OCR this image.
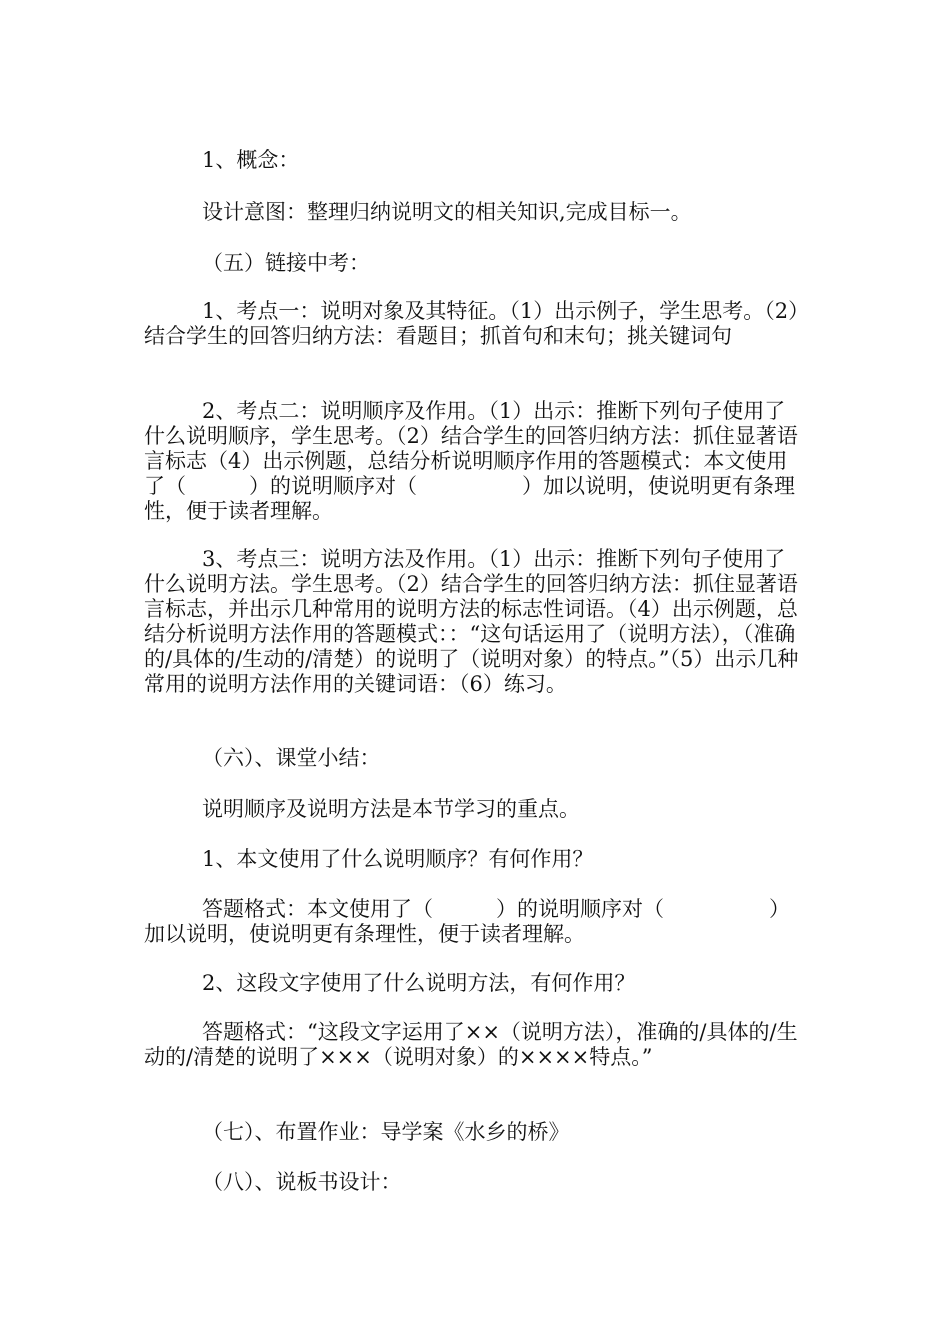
1、概念：

设计意图：整理归纳说明文的相关知识,完成目标一。

（五）链接中考：

1、考点一：说明对象及其特征。（1）出示例子，学生思考。（2）结合学生的回答归纳方法：看题目；抓首句和末句；挑关键词句

2、考点二：说明顺序及作用。（1）出示：推断下列句子使用了什么说明顺序，学生思考。（2）结合学生的回答归纳方法：抓住显著语言标志（4）出示例题，总结分析说明顺序作用的答题模式：本文使用了（　　　）的说明顺序对（　　　　　）加以说明，使说明更有条理性，便于读者理解。

3、考点三：说明方法及作用。（1）出示：推断下列句子使用了什么说明方法。学生思考。（2）结合学生的回答归纳方法：抓住显著语言标志，并出示几种常用的说明方法的标志性词语。（4）出示例题，总结分析说明方法作用的答题模式：：“这句话运用了（说明方法），（准确的/具体的/生动的/清楚）的说明了（说明对象）的特点。”（5）出示几种常用的说明方法作用的关键词语：（6）练习。

（六）、课堂小结：

说明顺序及说明方法是本节学习的重点。

1、本文使用了什么说明顺序？有何作用？

答题格式：本文使用了（　　　）的说明顺序对（　　　　　）加以说明，使说明更有条理性，便于读者理解。

2、这段文字使用了什么说明方法，有何作用？

答题格式：“这段文字运用了××（说明方法），准确的/具体的/生动的/清楚的说明了×××（说明对象）的××××特点。”

（七）、布置作业：导学案《水乡的桥》

（八）、说板书设计：
